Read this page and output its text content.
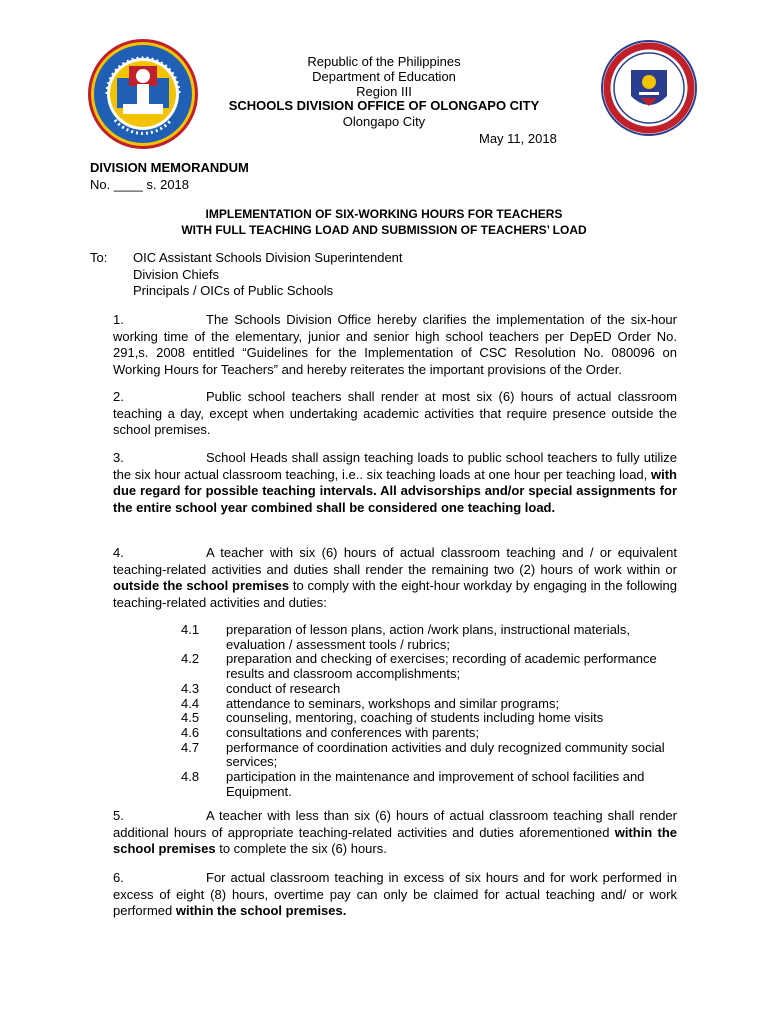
Republic of the Philippines
Department of Education
Region III
SCHOOLS DIVISION OFFICE OF OLONGAPO CITY
Olongapo City
May 11, 2018
DIVISION MEMORANDUM
No. ____ s. 2018
IMPLEMENTATION OF SIX-WORKING HOURS FOR TEACHERS
WITH FULL TEACHING LOAD AND SUBMISSION OF TEACHERS’ LOAD
To: OIC Assistant Schools Division Superintendent
Division Chiefs
Principals / OICs of Public Schools
1.	The Schools Division Office hereby clarifies the implementation of the six-hour working time of the elementary, junior and senior high school teachers per DepED Order No. 291,s. 2008 entitled “Guidelines for the Implementation of CSC Resolution No. 080096 on Working Hours for Teachers” and hereby reiterates the important provisions of the Order.
2.	Public school teachers shall render at most six (6) hours of actual classroom teaching a day, except when undertaking academic activities that require presence outside the school premises.
3.	School Heads shall assign teaching loads to public school teachers to fully utilize the six hour actual classroom teaching, i.e.. six teaching loads at one hour per teaching load, with due regard for possible teaching intervals. All advisorships and/or special assignments for the entire school year combined shall be considered one teaching load.
4.	A teacher with six (6) hours of actual classroom teaching and / or equivalent teaching-related activities and duties shall render the remaining two (2) hours of work within or outside the school premises to comply with the eight-hour workday by engaging in the following teaching-related activities and duties:
4.1	preparation of lesson plans, action /work plans, instructional materials, evaluation / assessment tools / rubrics;
4.2	preparation and checking of exercises; recording of academic performance results and classroom accomplishments;
4.3	conduct of research
4.4	attendance to seminars, workshops and similar programs;
4.5	counseling, mentoring, coaching of students including home visits
4.6	consultations and conferences with parents;
4.7	performance of coordination activities and duly recognized community social services;
4.8	participation in the maintenance and improvement of school facilities and Equipment.
5.	A teacher with less than six (6) hours of actual classroom teaching shall render additional hours of appropriate teaching-related activities and duties aforementioned within the school premises to complete the six (6) hours.
6.	For actual classroom teaching in excess of six hours and for work performed in excess of eight (8) hours, overtime pay can only be claimed for actual teaching and/ or work performed within the school premises.
